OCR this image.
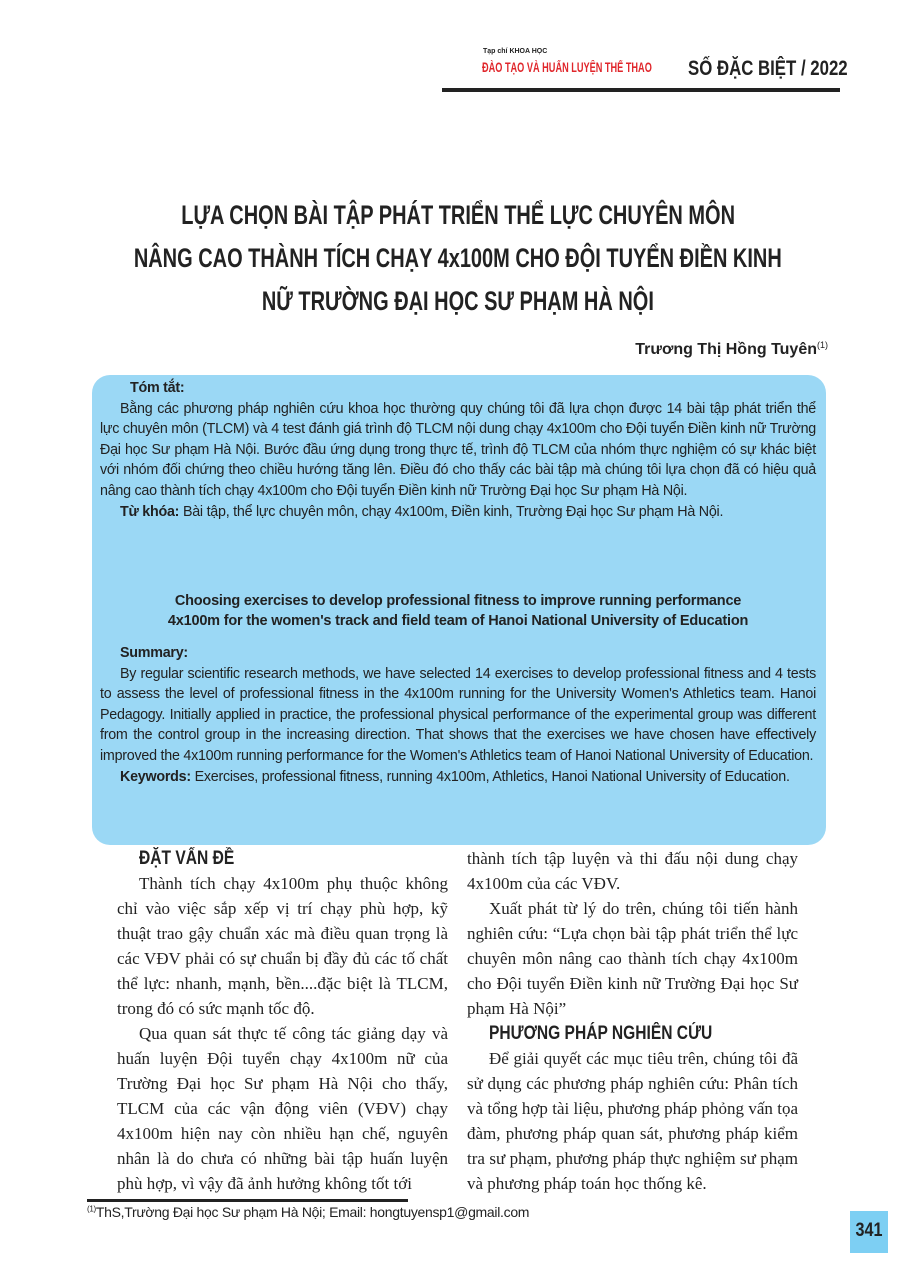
Tạp chí KHOA HỌC
ĐÀO TẠO VÀ HUẤN LUYỆN THỂ THAO SỐ ĐẶC BIỆT / 2022
LỰA CHỌN BÀI TẬP PHÁT TRIỂN THỂ LỰC CHUYÊN MÔN
NÂNG CAO THÀNH TÍCH CHẠY 4x100M CHO ĐỘI TUYỂN ĐIỀN KINH
NỮ TRƯỜNG ĐẠI HỌC SƯ PHẠM HÀ NỘI
Trương Thị Hồng Tuyên$^{(1)}$

Tóm tắt:

Bằng các phương pháp nghiên cứu khoa học thường quy chúng tôi đã lựa chọn được 14 bài tập phát triển thể lực chuyên môn (TLCM) và 4 test đánh giá trình độ TLCM nội dung chạy 4x100m cho Đội tuyển Điền kinh nữ Trường Đại học Sư phạm Hà Nội. Bước đầu ứng dụng trong thực tế, trình độ TLCM của nhóm thực nghiệm có sự khác biệt với nhóm đối chứng theo chiều hướng tăng lên. Điều đó cho thấy các bài tập mà chúng tôi lựa chọn đã có hiệu quả nâng cao thành tích chạy 4x100m cho Đội tuyển Điền kinh nữ Trường Đại học Sư phạm Hà Nội.

Từ khóa: Bài tập, thể lực chuyên môn, chạy 4x100m, Điền kinh, Trường Đại học Sư phạm Hà Nội.

Choosing exercises to develop professional fitness to improve running performance
4x100m for the women's track and field team of Hanoi National University of Education

Summary:

By regular scientific research methods, we have selected 14 exercises to develop professional fitness and 4 tests to assess the level of professional fitness in the 4x100m running for the University Women's Athletics team. Hanoi Pedagogy. Initially applied in practice, the professional physical performance of the experimental group was different from the control group in the increasing direction. That shows that the exercises we have chosen have effectively improved the 4x100m running performance for the Women's Athletics team of Hanoi National University of Education.

Keywords: Exercises, professional fitness, running 4x100m, Athletics, Hanoi National University of Education.

ĐẶT VẤN ĐỀ

Thành tích chạy 4x100m phụ thuộc không chỉ vào việc sắp xếp vị trí chạy phù hợp, kỹ thuật trao gậy chuẩn xác mà điều quan trọng là các VĐV phải có sự chuẩn bị đầy đủ các tố chất thể lực: nhanh, mạnh, bền....đặc biệt là TLCM, trong đó có sức mạnh tốc độ.

Qua quan sát thực tế công tác giảng dạy và huấn luyện Đội tuyển chạy 4x100m nữ của Trường Đại học Sư phạm Hà Nội cho thấy, TLCM của các vận động viên (VĐV) chạy 4x100m hiện nay còn nhiều hạn chế, nguyên nhân là do chưa có những bài tập huấn luyện phù hợp, vì vậy đã ảnh hưởng không tốt tới

thành tích tập luyện và thi đấu nội dung chạy 4x100m của các VĐV.

Xuất phát từ lý do trên, chúng tôi tiến hành nghiên cứu: “Lựa chọn bài tập phát triển thể lực chuyên môn nâng cao thành tích chạy 4x100m cho Đội tuyển Điền kinh nữ Trường Đại học Sư phạm Hà Nội”

PHƯƠNG PHÁP NGHIÊN CỨU

Để giải quyết các mục tiêu trên, chúng tôi đã sử dụng các phương pháp nghiên cứu: Phân tích và tổng hợp tài liệu, phương pháp phỏng vấn tọa đàm, phương pháp quan sát, phương pháp kiểm tra sư phạm, phương pháp thực nghiệm sư phạm và phương pháp toán học thống kê.

$^{(1)}$ThS,Trường Đại học Sư phạm Hà Nội; Email: hongtuyensp1@gmail.com
341
